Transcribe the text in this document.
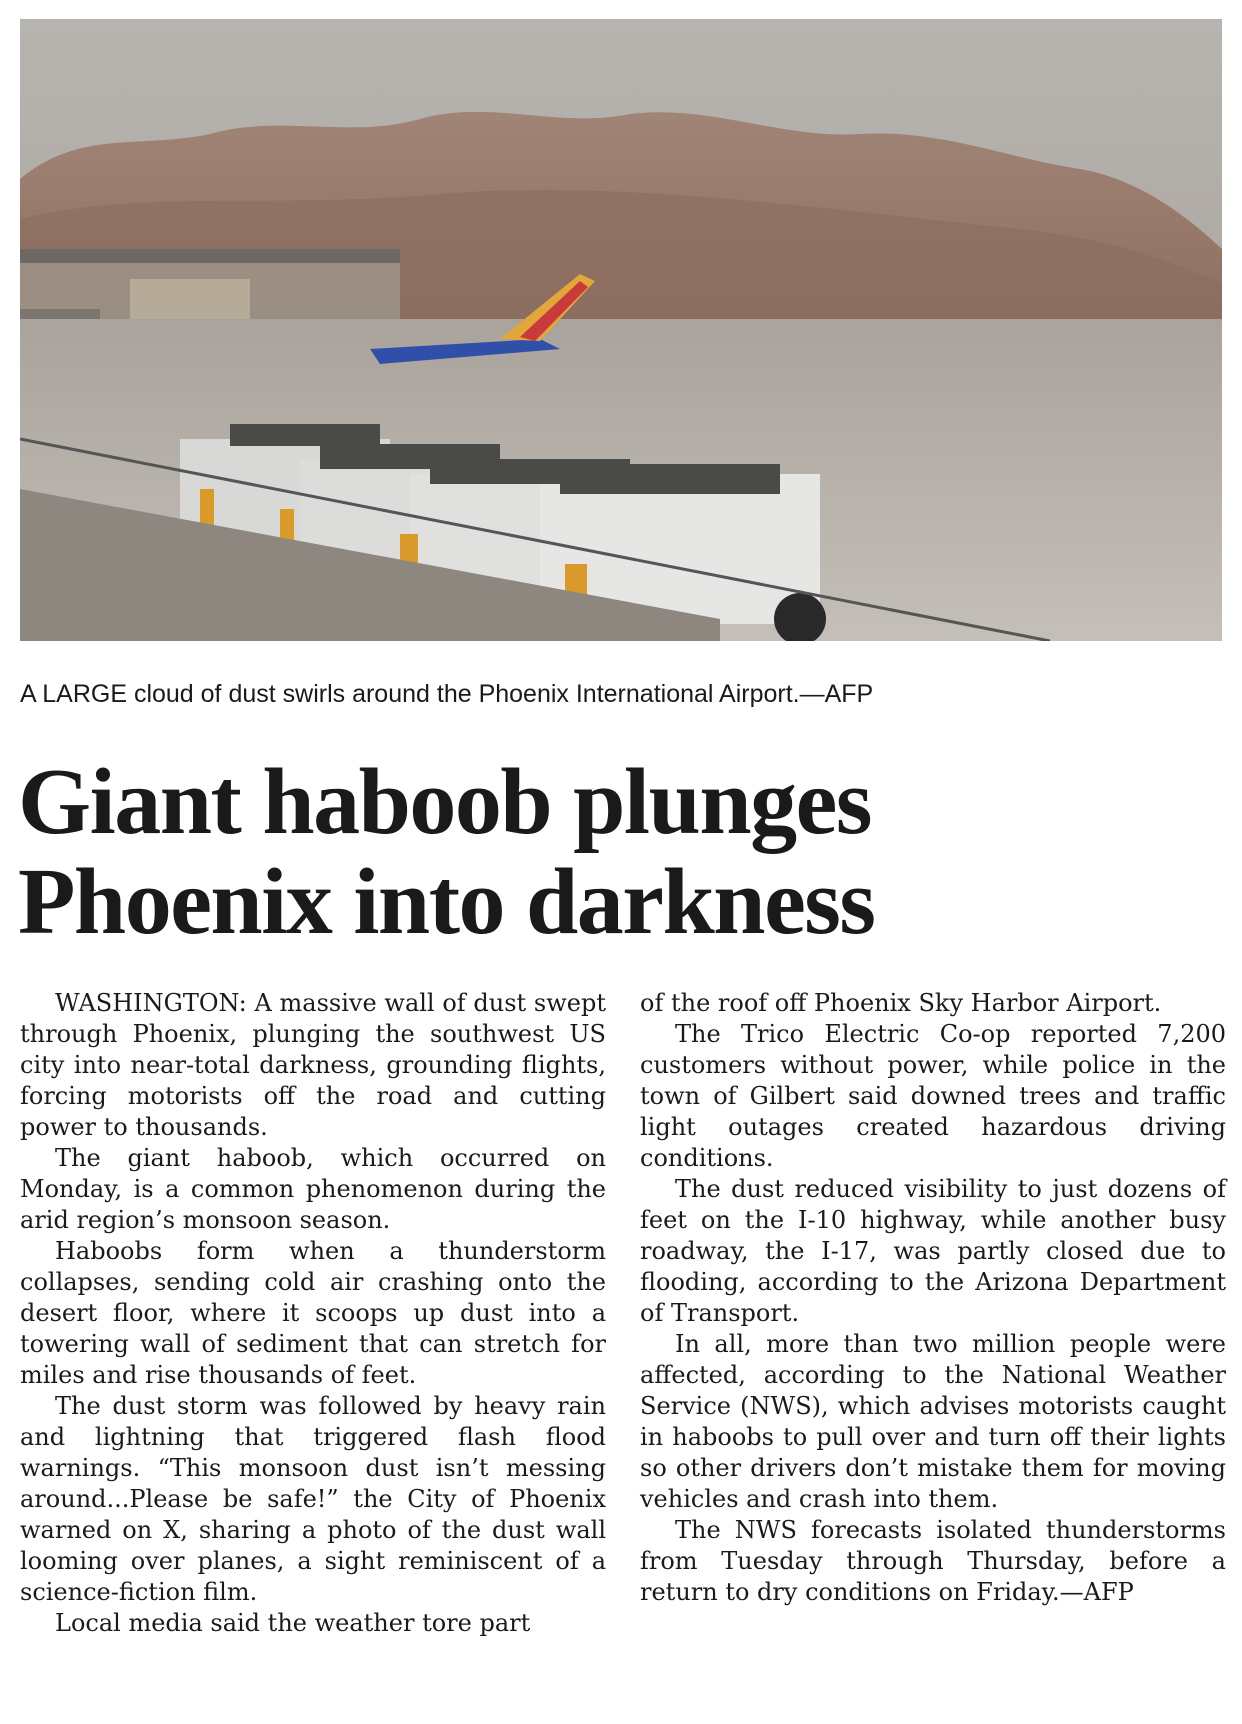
A LARGE cloud of dust swirls around the Phoenix International Airport.—AFP
Giant haboob plunges
Phoenix into darkness

WASHINGTON: A massive wall of dust swept through Phoenix, plunging the southwest US city into near-total darkness, grounding flights, forcing motorists off the road and cutting power to thousands.

The giant haboob, which occurred on Monday, is a common phenomenon during the arid region’s monsoon season.

Haboobs form when a thunderstorm collapses, sending cold air crashing onto the desert floor, where it scoops up dust into a towering wall of sediment that can stretch for miles and rise thousands of feet.

The dust storm was followed by heavy rain and lightning that triggered flash flood warnings. “This monsoon dust isn’t messing around...Please be safe!” the City of Phoenix warned on X, sharing a photo of the dust wall looming over planes, a sight reminiscent of a science-fiction film.

Local media said the weather tore part

of the roof off Phoenix Sky Harbor Airport.

The Trico Electric Co-op reported 7,200 customers without power, while police in the town of Gilbert said downed trees and traffic light outages created hazardous driving conditions.

The dust reduced visibility to just dozens of feet on the I-10 highway, while another busy roadway, the I-17, was partly closed due to flooding, according to the Arizona Department of Transport.

In all, more than two million people were affected, according to the National Weather Service (NWS), which advises motorists caught in haboobs to pull over and turn off their lights so other drivers don’t mistake them for moving vehicles and crash into them.

The NWS forecasts isolated thunderstorms from Tuesday through Thursday, before a return to dry conditions on Friday.—AFP
